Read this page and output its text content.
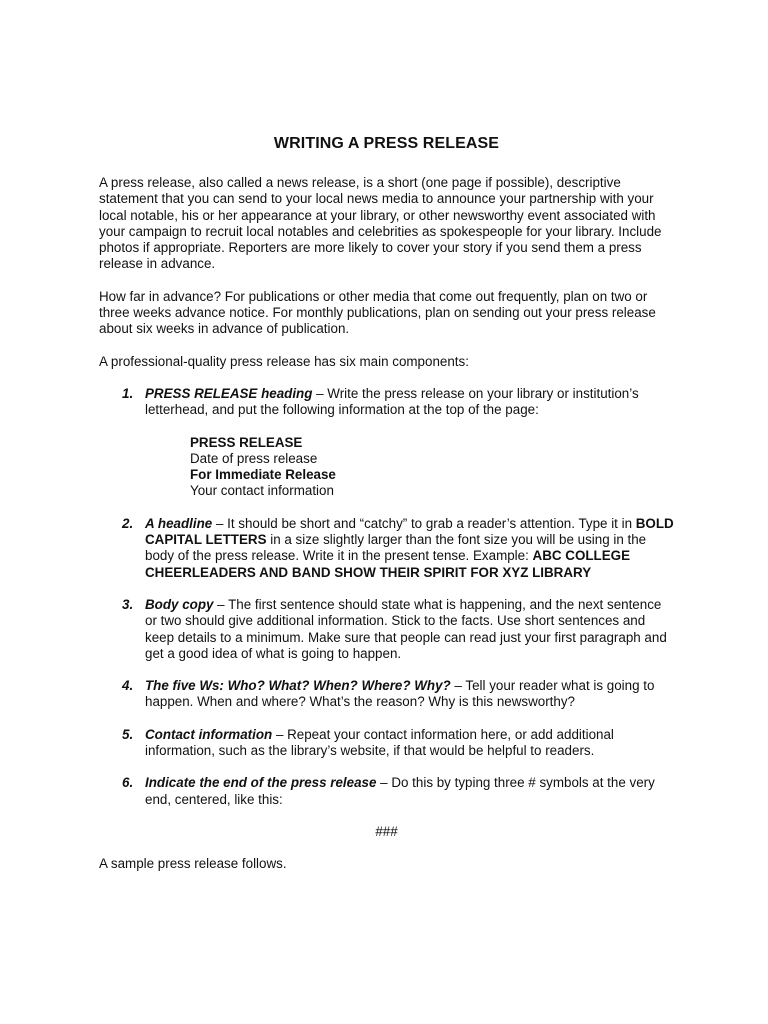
WRITING A PRESS RELEASE

A press release, also called a news release, is a short (one page if possible), descriptive statement that you can send to your local news media to announce your partnership with your local notable, his or her appearance at your library, or other newsworthy event associated with your campaign to recruit local notables and celebrities as spokespeople for your library. Include photos if appropriate. Reporters are more likely to cover your story if you send them a press release in advance.

How far in advance? For publications or other media that come out frequently, plan on two or three weeks advance notice. For monthly publications, plan on sending out your press release about six weeks in advance of publication.

A professional-quality press release has six main components:

1. PRESS RELEASE heading – Write the press release on your library or institution’s letterhead, and put the following information at the top of the page:
PRESS RELEASE
Date of press release
For Immediate Release
Your contact information
2. A headline – It should be short and “catchy” to grab a reader’s attention. Type it in BOLD CAPITAL LETTERS in a size slightly larger than the font size you will be using in the body of the press release. Write it in the present tense. Example: ABC COLLEGE CHEERLEADERS AND BAND SHOW THEIR SPIRIT FOR XYZ LIBRARY
3. Body copy – The first sentence should state what is happening, and the next sentence or two should give additional information. Stick to the facts. Use short sentences and keep details to a minimum. Make sure that people can read just your first paragraph and get a good idea of what is going to happen.
4. The five Ws: Who? What? When? Where? Why? – Tell your reader what is going to happen. When and where? What’s the reason? Why is this newsworthy?
5. Contact information – Repeat your contact information here, or add additional information, such as the library’s website, if that would be helpful to readers.
6. Indicate the end of the press release – Do this by typing three # symbols at the very end, centered, like this:
###

A sample press release follows.
